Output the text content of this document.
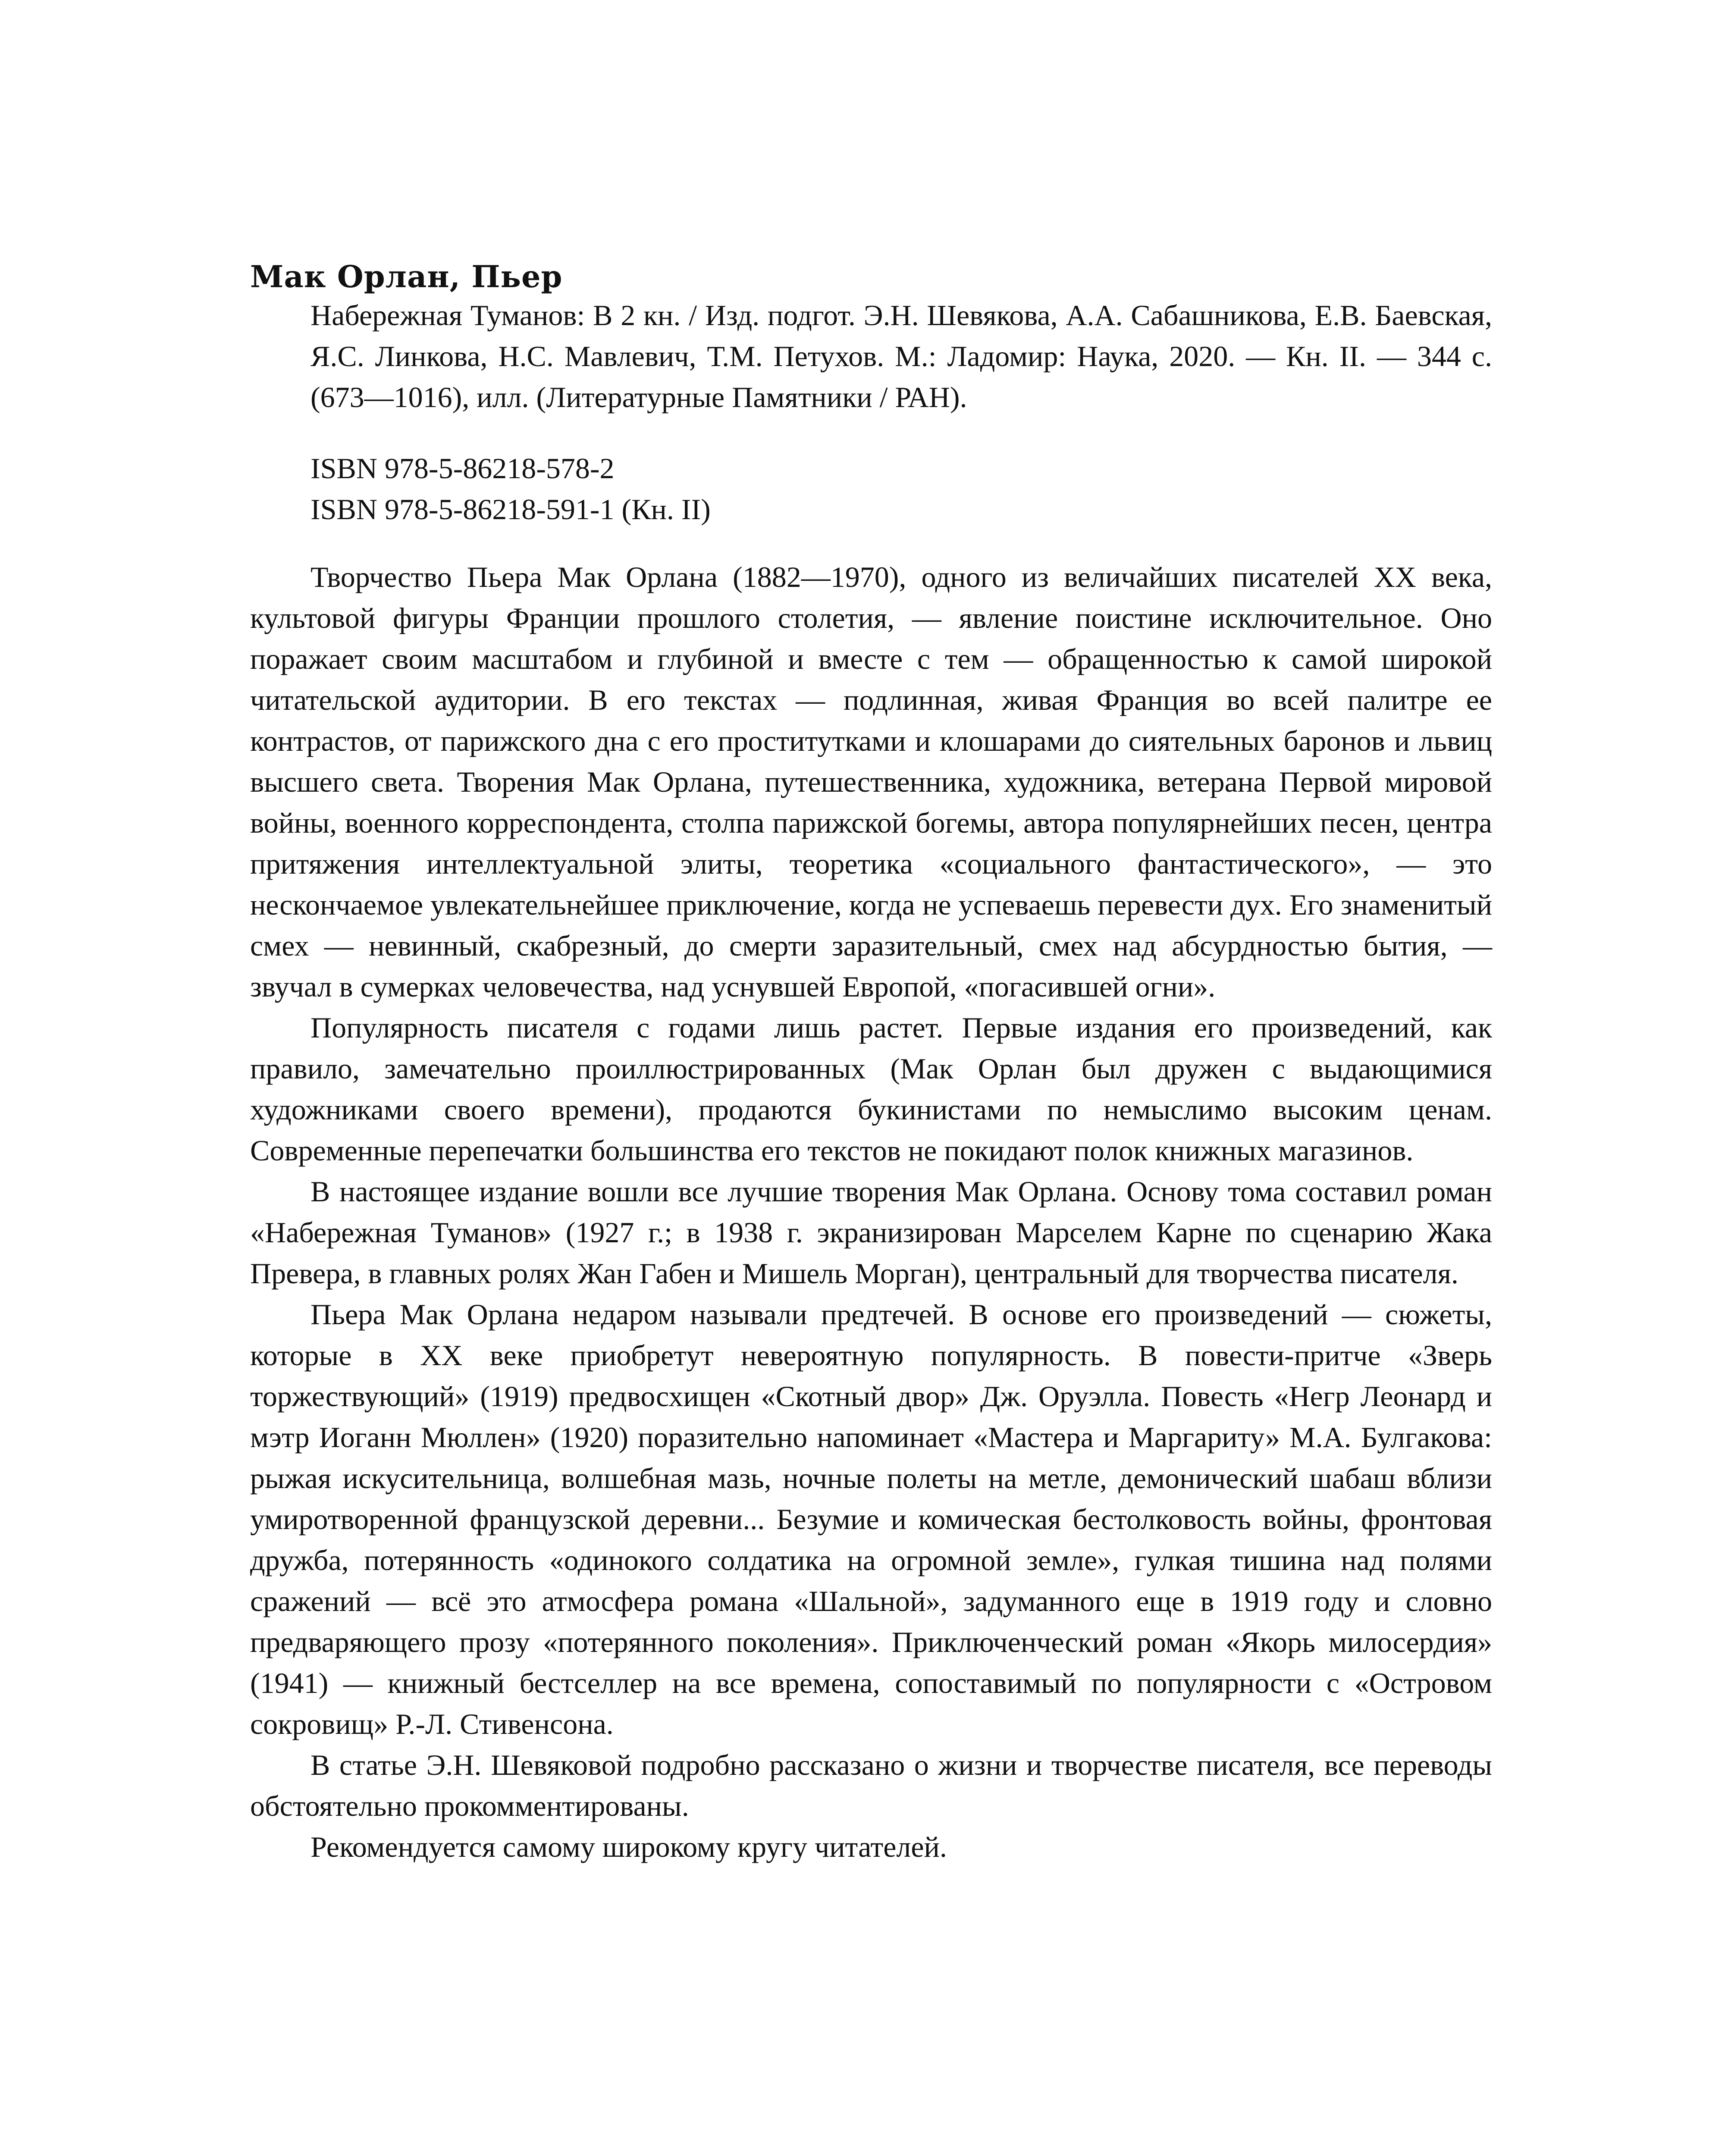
Мак Орлан, Пьер

Набережная Туманов: В 2 кн. / Изд. подгот. Э.Н. Шевякова, А.А. Сабашникова, Е.В. Баевская, Я.С. Линкова, Н.С. Мавлевич, Т.М. Петухов. М.: Ладомир: Наука, 2020. — Кн. II. — 344 с. (673—1016), илл. (Литературные Памятники / РАН).

ISBN 978-5-86218-578-2

ISBN 978-5-86218-591-1 (Кн. II)

Творчество Пьера Мак Орлана (1882—1970), одного из величайших писателей XX века, культовой фигуры Франции прошлого столетия, — явление поистине исключительное. Оно поражает своим масштабом и глубиной и вместе с тем — обращенностью к самой широкой читательской аудитории. В его текстах — подлинная, живая Франция во всей палитре ее контрастов, от парижского дна с его проститутками и клошарами до сиятельных баронов и львиц высшего света. Творения Мак Орлана, путешественника, художника, ветерана Первой мировой войны, военного корреспондента, столпа парижской богемы, автора популярнейших песен, центра притяжения интеллектуальной элиты, теоретика «социального фантастического», — это нескончаемое увлекательнейшее приключение, когда не успеваешь перевести дух. Его знаменитый смех — невинный, скабрезный, до смерти заразительный, смех над абсурдностью бытия, — звучал в сумерках человечества, над уснувшей Европой, «погасившей огни».

Популярность писателя с годами лишь растет. Первые издания его произведений, как правило, замечательно проиллюстрированных (Мак Орлан был дружен с выдающимися художниками своего времени), продаются букинистами по немыслимо высоким ценам. Современные перепечатки большинства его текстов не покидают полок книжных магазинов.

В настоящее издание вошли все лучшие творения Мак Орлана. Основу тома составил роман «Набережная Туманов» (1927 г.; в 1938 г. экранизирован Марселем Карне по сценарию Жака Превера, в главных ролях Жан Габен и Мишель Морган), центральный для творчества писателя.

Пьера Мак Орлана недаром называли предтечей. В основе его произведений — сюжеты, которые в XX веке приобретут невероятную популярность. В повести-притче «Зверь торжествующий» (1919) предвосхищен «Скотный двор» Дж. Оруэлла. Повесть «Негр Леонард и мэтр Иоганн Мюллен» (1920) поразительно напоминает «Мастера и Маргариту» М.А. Булгакова: рыжая искусительница, волшебная мазь, ночные полеты на метле, демонический шабаш вблизи умиротворенной французской деревни... Безумие и комическая бестолковость войны, фронтовая дружба, потерянность «одинокого солдатика на огромной земле», гулкая тишина над полями сражений — всё это атмосфера романа «Шальной», задуманного еще в 1919 году и словно предваряющего прозу «потерянного поколения». Приключенческий роман «Якорь милосердия» (1941) — книжный бестселлер на все времена, сопоставимый по популярности с «Островом сокровищ» Р.-Л. Стивенсона.

В статье Э.Н. Шевяковой подробно рассказано о жизни и творчестве писателя, все переводы обстоятельно прокомментированы.

Рекомендуется самому широкому кругу читателей.
